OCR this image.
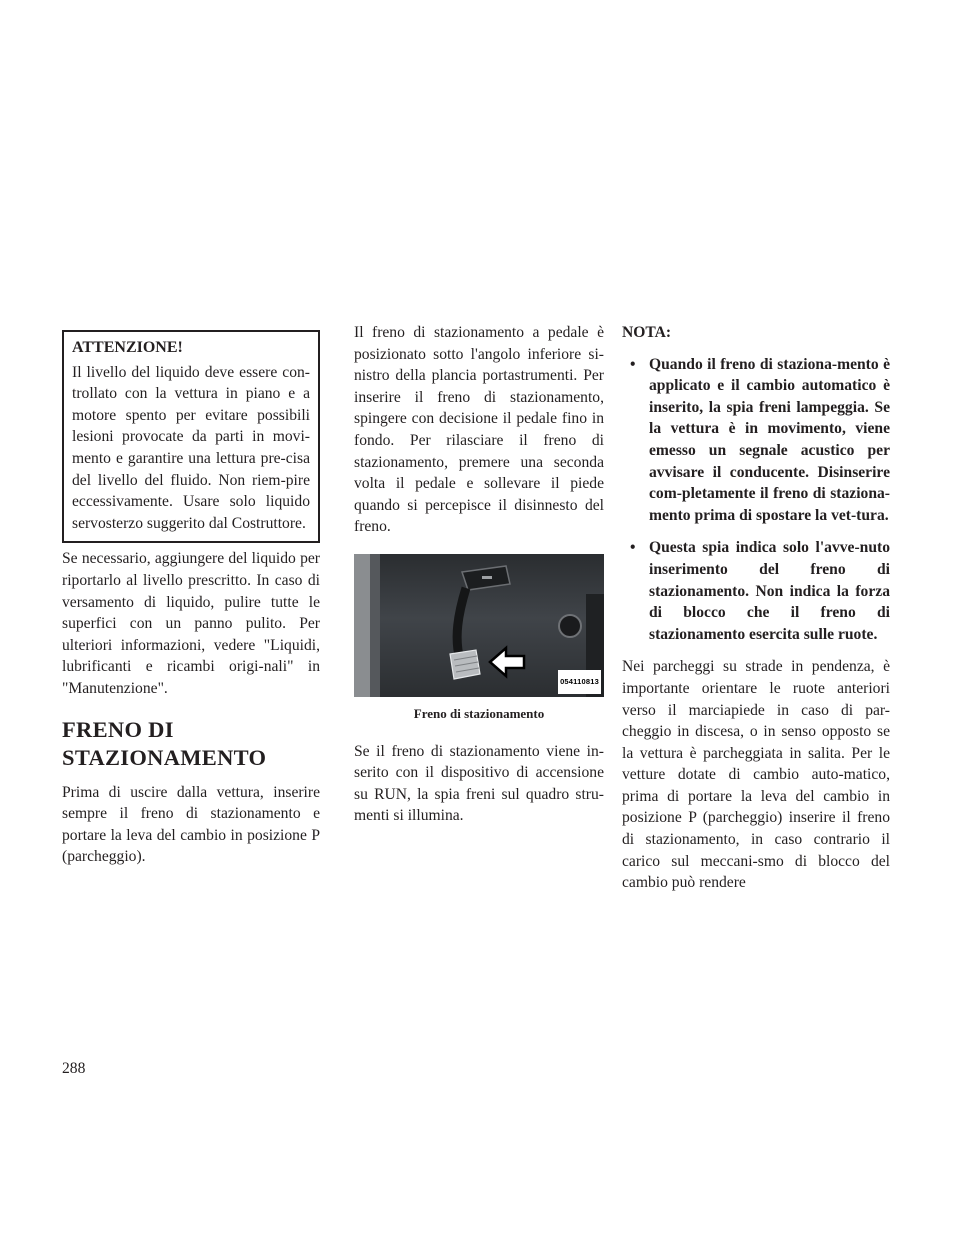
ATTENZIONE!

Il livello del liquido deve essere con-trollato con la vettura in piano e a motore spento per evitare possibili lesioni provocate da parti in movi-mento e garantire una lettura pre-cisa del livello del fluido. Non riem-pire eccessivamente. Usare solo liquido servosterzo suggerito dal Costruttore.

Se necessario, aggiungere del liquido per riportarlo al livello prescritto. In caso di versamento di liquido, pulire tutte le superfici con un panno pulito. Per ulteriori informazioni, vedere "Liquidi, lubrificanti e ricambi origi-nali" in "Manutenzione".

FRENO DI STAZIONAMENTO

Prima di uscire dalla vettura, inserire sempre il freno di stazionamento e portare la leva del cambio in posizione P (parcheggio).

Il freno di stazionamento a pedale è posizionato sotto l'angolo inferiore si-nistro della plancia portastrumenti. Per inserire il freno di stazionamento, spingere con decisione il pedale fino in fondo. Per rilasciare il freno di stazionamento, premere una seconda volta il pedale e sollevare il piede quando si percepisce il disinnesto del freno.

054110813
Freno di stazionamento

Se il freno di stazionamento viene in-serito con il dispositivo di accensione su RUN, la spia freni sul quadro stru-menti si illumina.

NOTA:
• Quando il freno di staziona-mento è applicato e il cambio automatico è inserito, la spia freni lampeggia. Se la vettura è in movimento, viene emesso un segnale acustico per avvisare il conducente. Disinserire com-pletamente il freno di staziona-mento prima di spostare la vet-tura.
• Questa spia indica solo l'avve-nuto inserimento del freno di stazionamento. Non indica la forza di blocco che il freno di stazionamento esercita sulle ruote.

Nei parcheggi su strade in pendenza, è importante orientare le ruote anteriori verso il marciapiede in caso di par-cheggio in discesa, o in senso opposto se la vettura è parcheggiata in salita. Per le vetture dotate di cambio auto-matico, prima di portare la leva del cambio in posizione P (parcheggio) inserire il freno di stazionamento, in caso contrario il carico sul meccani-smo di blocco del cambio può rendere

288
